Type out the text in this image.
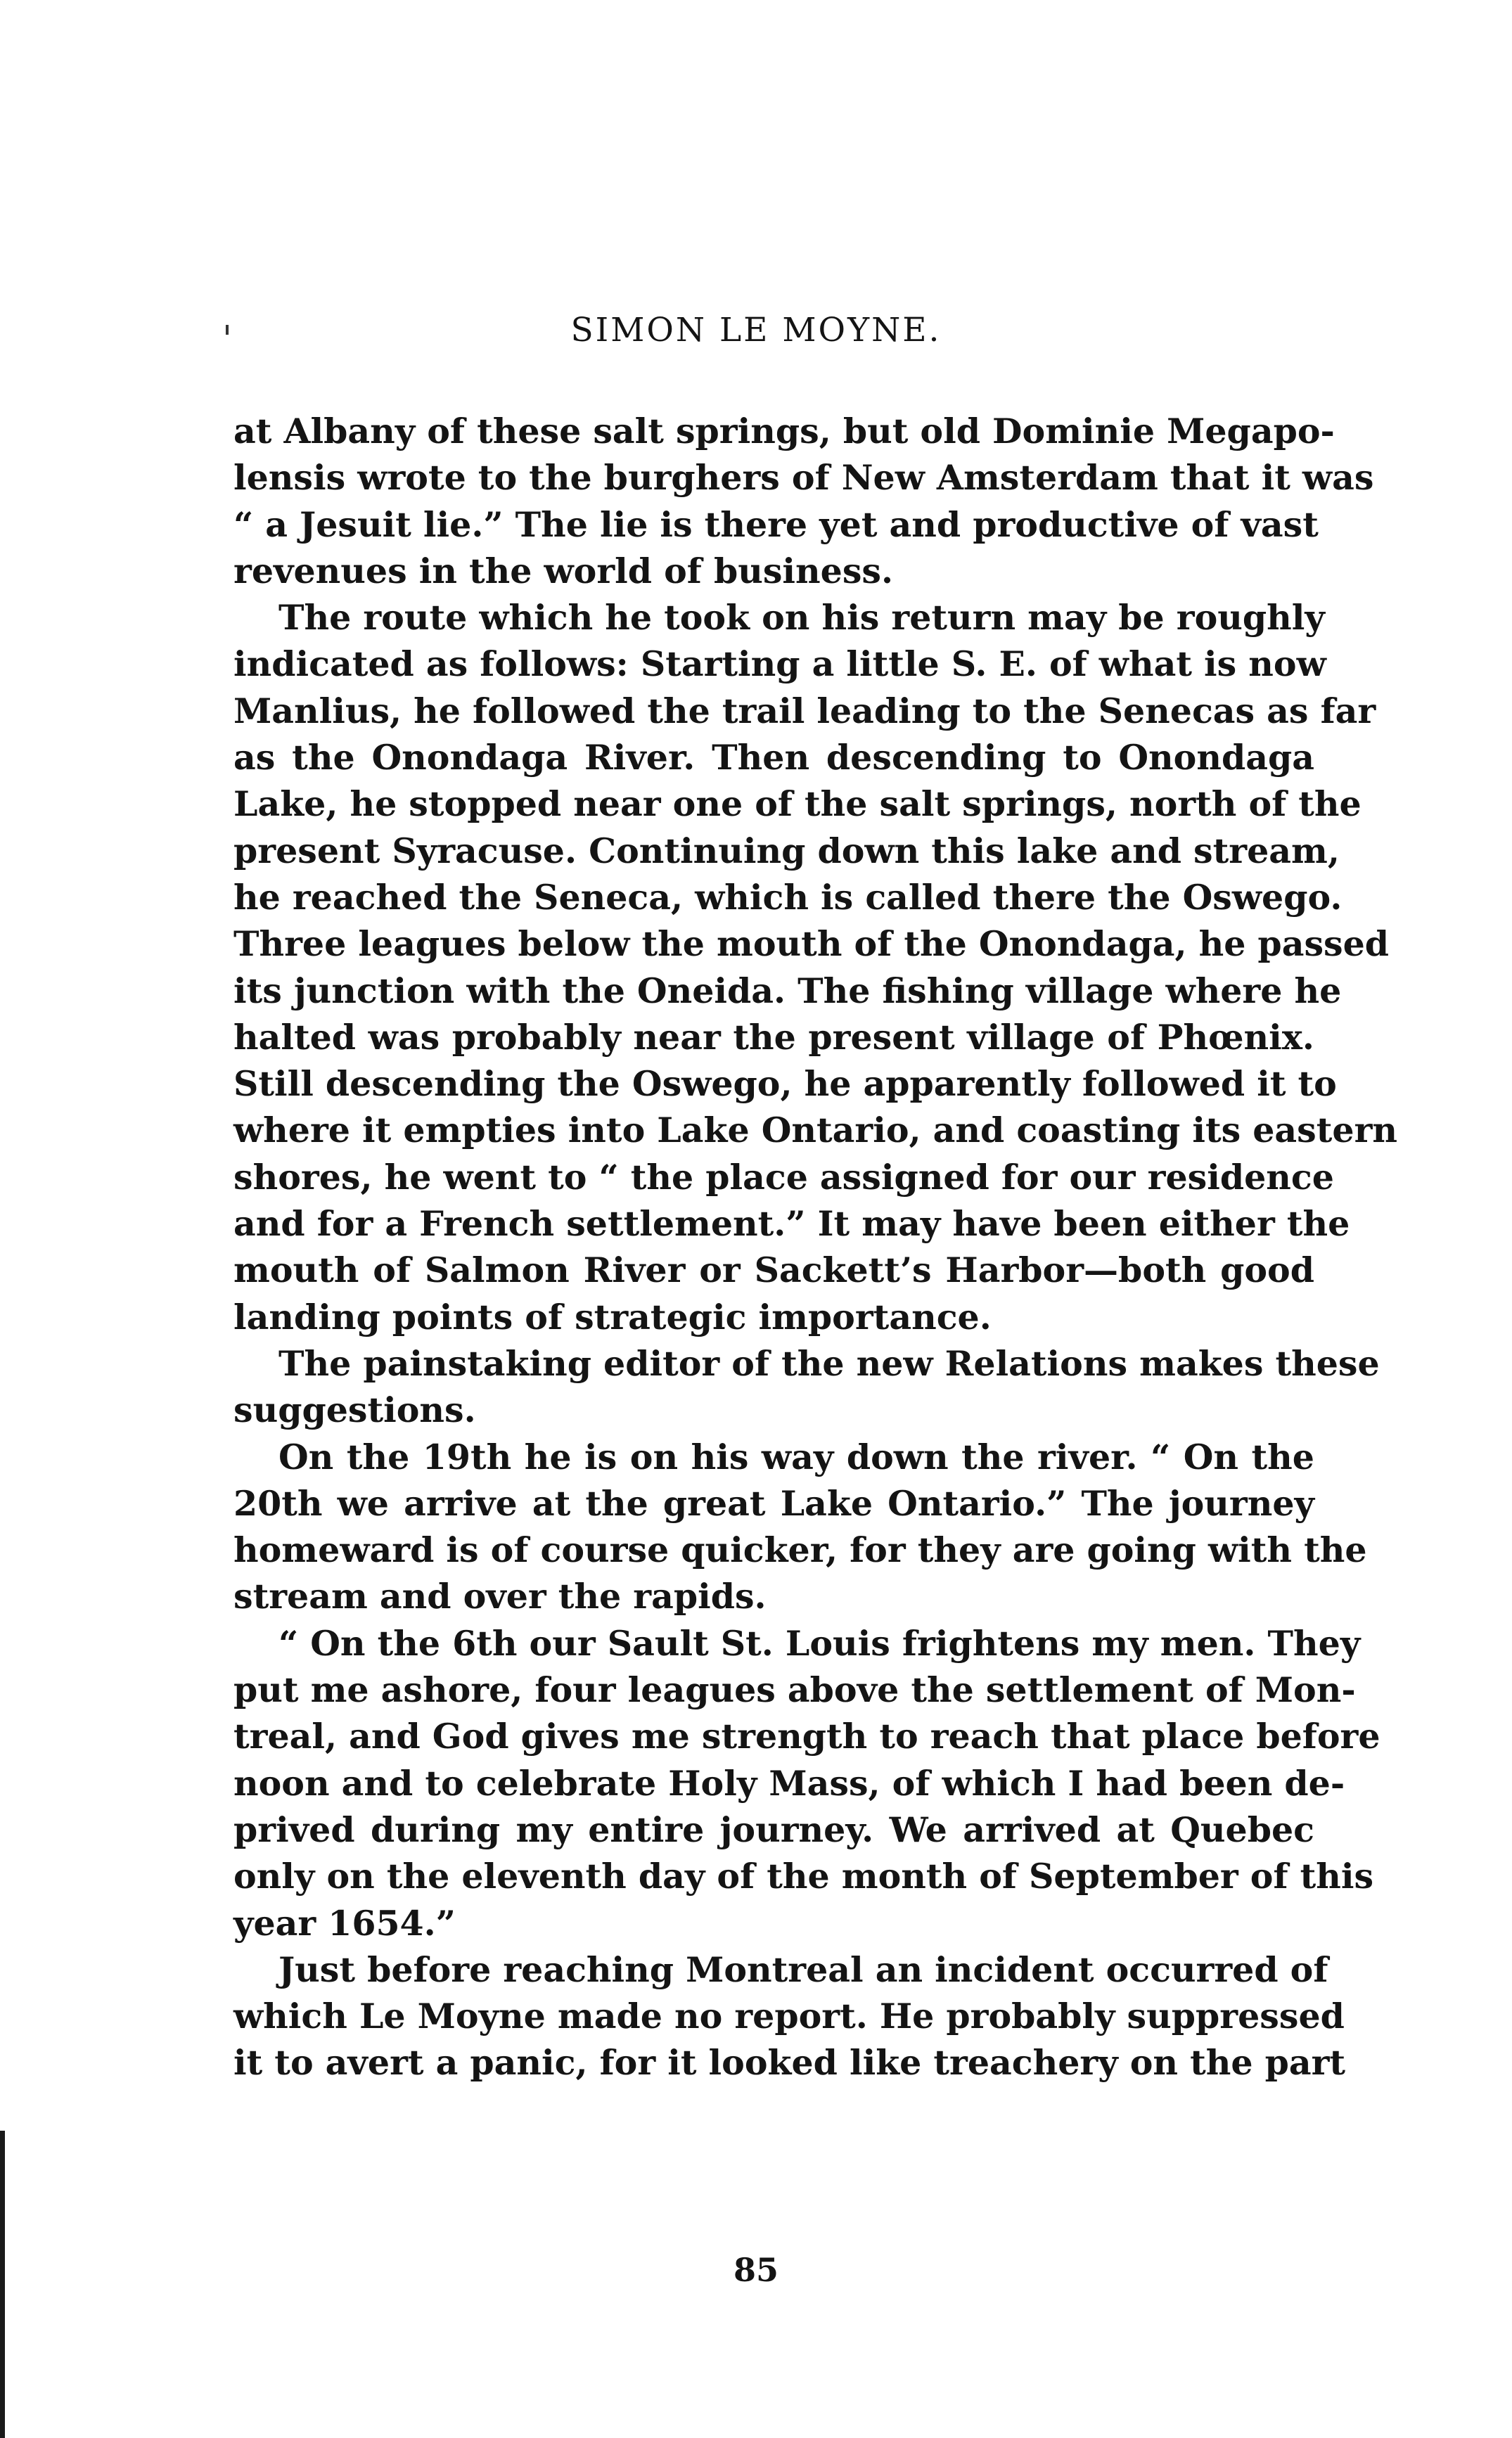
SIMON LE MOYNE.
at Albany of these salt springs, but old Dominie Megapo-
lensis wrote to the burghers of New Amsterdam that it was
“ a Jesuit lie.” The lie is there yet and productive of vast
revenues in the world of business.
The route which he took on his return may be roughly
indicated as follows: Starting a little S. E. of what is now
Manlius, he followed the trail leading to the Senecas as far
as the Onondaga River. Then descending to Onondaga
Lake, he stopped near one of the salt springs, north of the
present Syracuse. Continuing down this lake and stream,
he reached the Seneca, which is called there the Oswego.
Three leagues below the mouth of the Onondaga, he passed
its junction with the Oneida. The fishing village where he
halted was probably near the present village of Phœnix.
Still descending the Oswego, he apparently followed it to
where it empties into Lake Ontario, and coasting its eastern
shores, he went to “ the place assigned for our residence
and for a French settlement.” It may have been either the
mouth of Salmon River or Sackett’s Harbor—both good
landing points of strategic importance.
The painstaking editor of the new Relations makes these
suggestions.
On the 19th he is on his way down the river. “ On the
20th we arrive at the great Lake Ontario.” The journey
homeward is of course quicker, for they are going with the
stream and over the rapids.
“ On the 6th our Sault St. Louis frightens my men. They
put me ashore, four leagues above the settlement of Mon-
treal, and God gives me strength to reach that place before
noon and to celebrate Holy Mass, of which I had been de-
prived during my entire journey. We arrived at Quebec
only on the eleventh day of the month of September of this
year 1654.”
Just before reaching Montreal an incident occurred of
which Le Moyne made no report. He probably suppressed
it to avert a panic, for it looked like treachery on the part
85
